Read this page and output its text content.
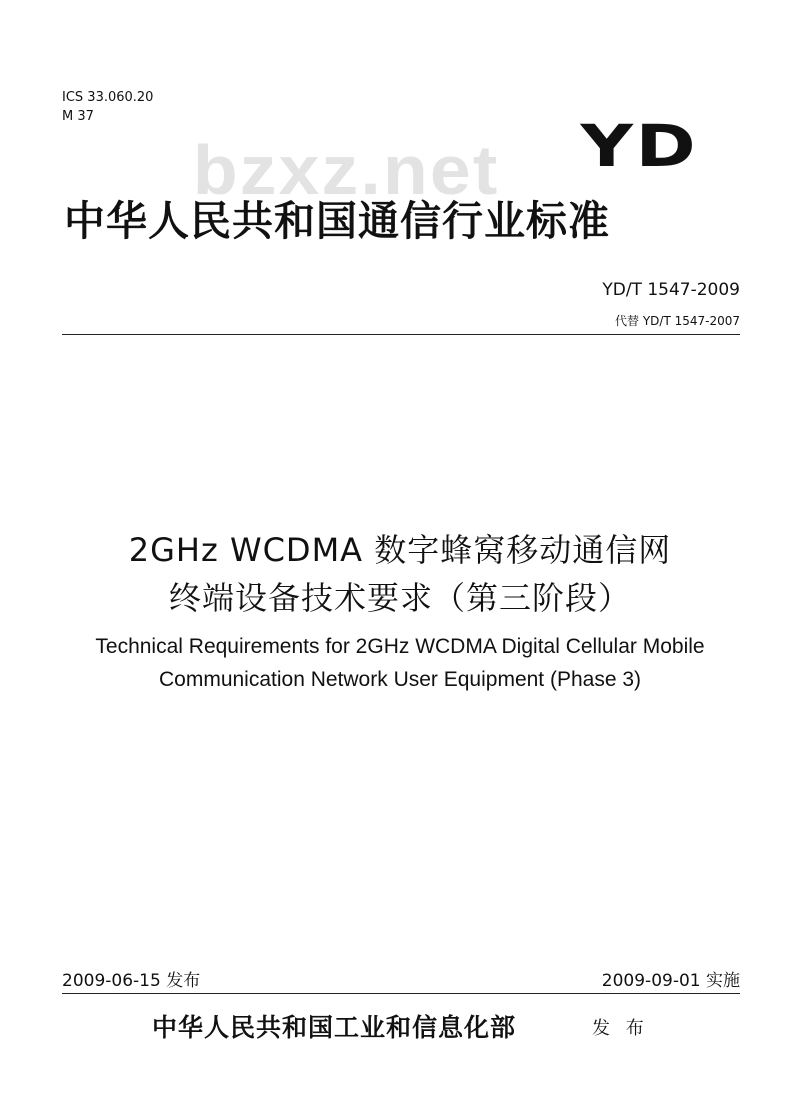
ICS 33.060.20
M 37
bzxz.net YD
中华人民共和国通信行业标准
YD/T 1547-2009
代替 YD/T 1547-2007
2GHz WCDMA 数字蜂窝移动通信网
终端设备技术要求（第三阶段）
Technical Requirements for 2GHz WCDMA Digital Cellular Mobile
Communication Network User Equipment (Phase 3)
2009-06-15 发布	2009-09-01 实施
中华人民共和国工业和信息化部	发 布
